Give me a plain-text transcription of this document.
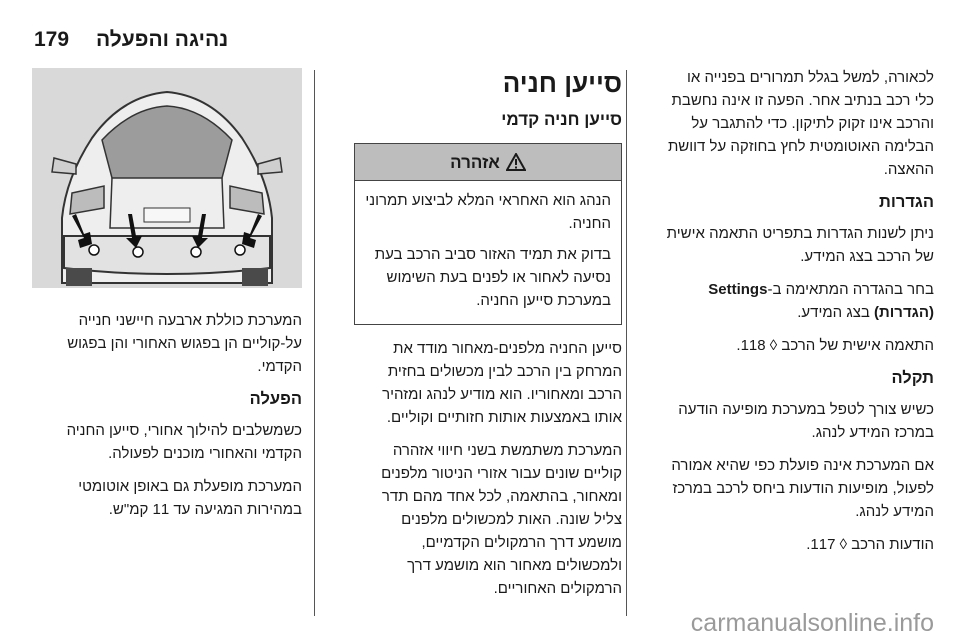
179 נהיגה והפעלה

לכאורה, למשל בגלל תמרורים בפנייה או כלי רכב בנתיב אחר. הפעה זו אינה נחשבת והרכב אינו זקוק לתיקון. כדי להתגבר על הבלימה האוטומטית לחץ בחוזקה על דוושת ההאצה.

הגדרות

ניתן לשנות הגדרות בתפריט התאמה אישית של הרכב בצג המידע.

בחר בהגדרה המתאימה ב-Settings (הגדרות) בצג המידע.

התאמה אישית של הרכב ◊ 118.

תקלה

כשיש צורך לטפל במערכת מופיעה הודעה במרכז המידע לנהג.

אם המערכת אינה פועלת כפי שהיא אמורה לפעול, מופיעות הודעות ביחס לרכב במרכז המידע לנהג.

הודעות הרכב ◊ 117.

סייען חניה
סייען חניה קדמי
אזהרה

הנהג הוא האחראי המלא לביצוע תמרוני החניה.

בדוק את תמיד האזור סביב הרכב בעת נסיעה לאחור או לפנים בעת השימוש במערכת סייען החניה.

סייען החניה מלפנים-מאחור מודד את המרחק בין הרכב לבין מכשולים בחזית הרכב ומאחוריו. הוא מודיע לנהג ומזהיר אותו באמצעות אותות חזותיים וקוליים.

המערכת משתמשת בשני חיווי אזהרה קוליים שונים עבור אזורי הניטור מלפנים ומאחור, בהתאמה, לכל אחד מהם תדר צליל שונה. האות למכשולים מלפנים מושמע דרך הרמקולים הקדמיים, ולמכשולים מאחור הוא מושמע דרך הרמקולים האחוריים.

המערכת כוללת ארבעה חיישני חנייה על-קוליים הן בפגוש האחורי והן בפגוש הקדמי.

הפעלה

כשמשלבים להילוך אחורי, סייען החניה הקדמי והאחורי מוכנים לפעולה.

המערכת מופעלת גם באופן אוטומטי במהירות המגיעה עד 11 קמ"ש.

carmanualsonline.info
